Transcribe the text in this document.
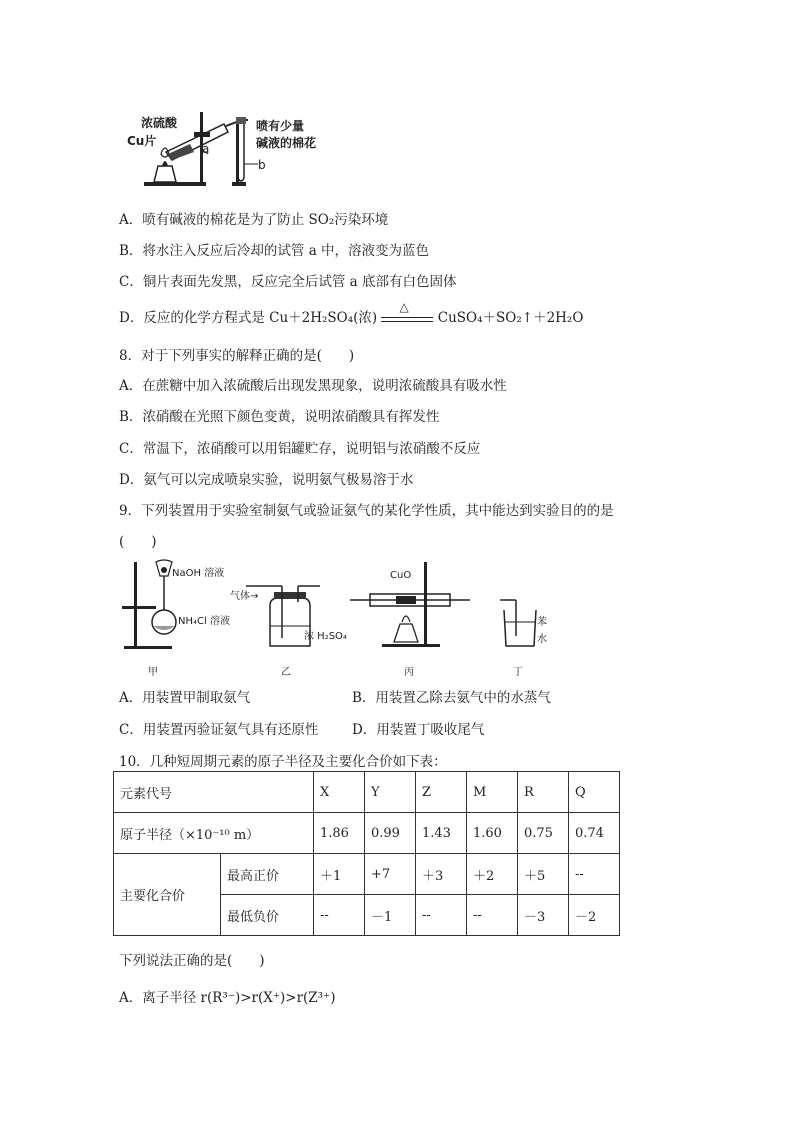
浓硫酸
Cu片
a
喷有少量
碱液的棉花
b
A．喷有碱液的棉花是为了防止 SO₂污染环境
B．将水注入反应后冷却的试管 a 中，溶液变为蓝色
C．铜片表面先发黑，反应完全后试管 a 底部有白色固体
D．反应的化学方程式是 Cu＋2H₂SO₄(浓)
△
CuSO₄＋SO₂↑＋2H₂O
8．对于下列事实的解释正确的是(　　)
A．在蔗糖中加入浓硫酸后出现发黑现象，说明浓硫酸具有吸水性
B．浓硝酸在光照下颜色变黄，说明浓硝酸具有挥发性
C．常温下，浓硝酸可以用铝罐贮存，说明铝与浓硝酸不反应
D．氨气可以完成喷泉实验，说明氨气极易溶于水
9．下列装置用于实验室制氨气或验证氨气的某化学性质，其中能达到实验目的的是
(　　)
NaOH 溶液
NH₄Cl 溶液
气体→
浓 H₂SO₄
CuO
苯
水
甲	乙	丙	丁
A．用装置甲制取氨气	B．用装置乙除去氨气中的水蒸气
C．用装置丙验证氨气具有还原性 D．用装置丁吸收尾气
10．几种短周期元素的原子半径及主要化合价如下表：
元素代号		X	Y	Z	M	R	Q
原子半径（×10⁻¹⁰ m）		1.86	0.99	1.43	1.60	0.75	0.74
主要化合价	最高正价	＋1	+7	＋3	＋2	＋5	--
	最低负价	--	－1	--	--	－3	－2
下列说法正确的是(　　)
A．离子半径 r(R³⁻)>r(X⁺)>r(Z³⁺)
